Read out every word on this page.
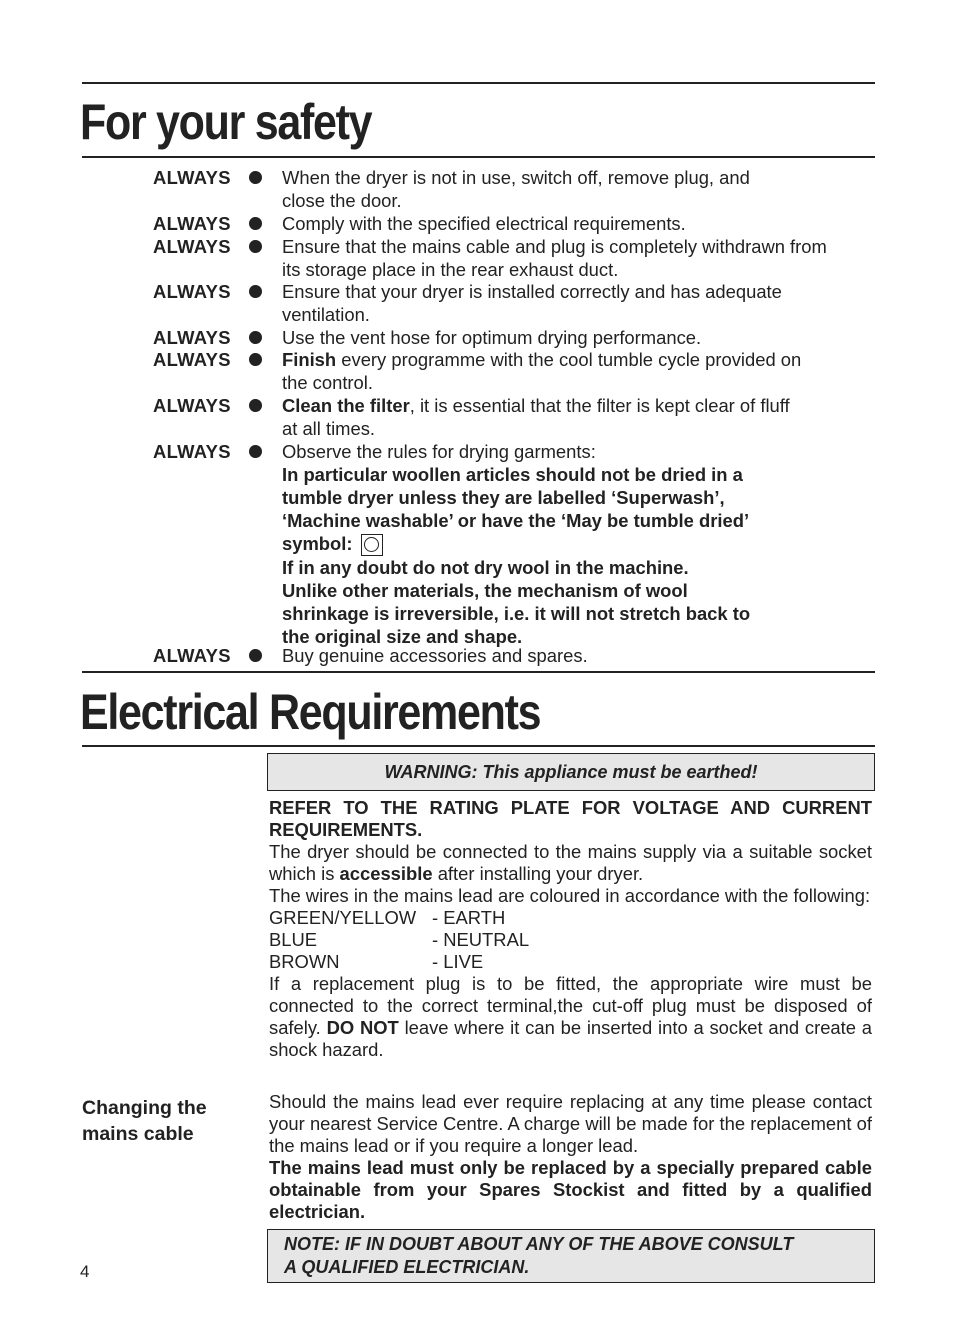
For your safety
ALWAYS	When the dryer is not in use, switch off, remove plug, and
close the door.
ALWAYS	Comply with the specified electrical requirements.
ALWAYS	Ensure that the mains cable and plug is completely withdrawn from
its storage place in the rear exhaust duct.
ALWAYS	Ensure that your dryer is installed correctly and has adequate
ventilation.
ALWAYS	Use the vent hose for optimum drying performance.
ALWAYS	Finish every programme with the cool tumble cycle provided on
the control.
ALWAYS	Clean the filter, it is essential that the filter is kept clear of fluff
at all times.
ALWAYS	Observe the rules for drying garments:
In particular woollen articles should not be dried in a
tumble dryer unless they are labelled ‘Superwash’,
‘Machine washable’ or have the ‘May be tumble dried’
symbol:
If in any doubt do not dry wool in the machine.
Unlike other materials, the mechanism of wool
shrinkage is irreversible, i.e. it will not stretch back to
the original size and shape.
ALWAYS	Buy genuine accessories and spares.
Electrical Requirements
WARNING: This appliance must be earthed!

REFER TO THE RATING PLATE FOR VOLTAGE AND CURRENT REQUIREMENTS.

The dryer should be connected to the mains supply via a suitable socket which is accessible after installing your dryer.

The wires in the mains lead are coloured in accordance with the following:

GREEN/YELLOW - EARTH
BLUE	- NEUTRAL
BROWN	- LIVE

If a replacement plug is to be fitted, the appropriate wire must be connected to the correct terminal,the cut-off plug must be disposed of safely. DO NOT leave where it can be inserted into a socket and create a shock hazard.

Changing the
mains cable

Should the mains lead ever require replacing at any time please contact your nearest Service Centre. A charge will be made for the replacement of the mains lead or if you require a longer lead.

The mains lead must only be replaced by a specially prepared cable obtainable from your Spares Stockist and fitted by a qualified electrician.

NOTE: IF IN DOUBT ABOUT ANY OF THE ABOVE CONSULT
A QUALIFIED ELECTRICIAN.
4
